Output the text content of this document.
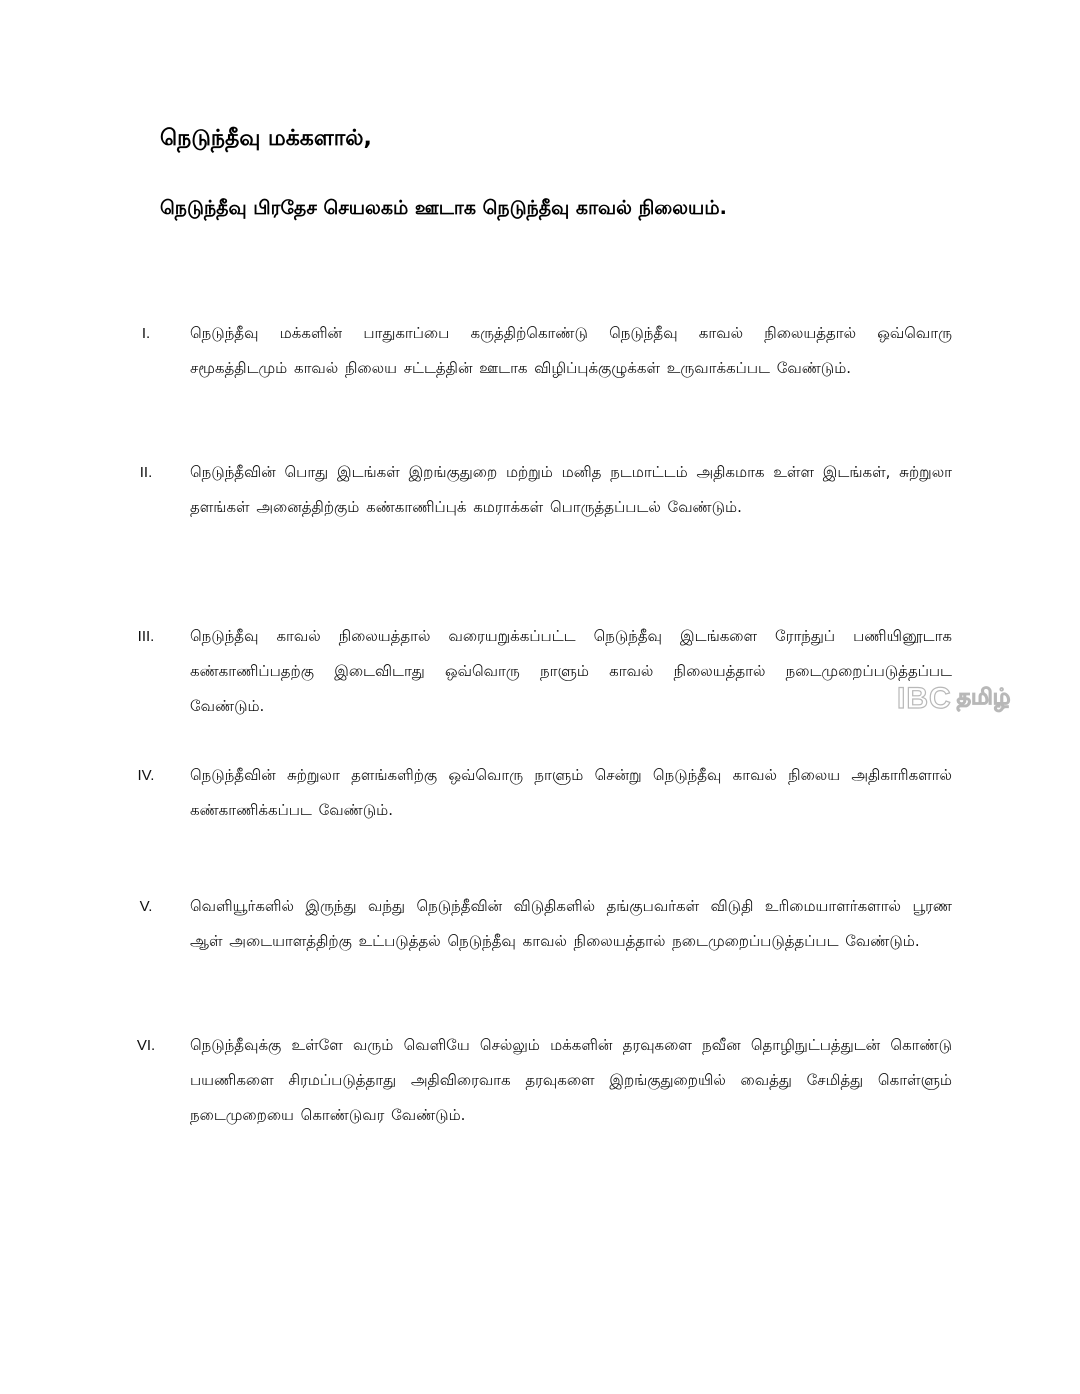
நெடுந்தீவு மக்களால்,
நெடுந்தீவு பிரதேச செயலகம் ஊடாக நெடுந்தீவு காவல் நிலையம்.
I.	நெடுந்தீவு மக்களின் பாதுகாப்பை கருத்திற்கொண்டு நெடுந்தீவு காவல் நிலையத்தால் ஒவ்வொரு சமூகத்திடமும் காவல் நிலைய சட்டத்தின் ஊடாக விழிப்புக்குழுக்கள் உருவாக்கப்பட வேண்டும்.
II.	நெடுந்தீவின் பொது இடங்கள் இறங்குதுறை மற்றும் மனித நடமாட்டம் அதிகமாக உள்ள இடங்கள், சுற்றுலா தளங்கள் அனைத்திற்கும் கண்காணிப்புக் கமராக்கள் பொருத்தப்படல் வேண்டும்.
III.	நெடுந்தீவு காவல் நிலையத்தால் வரையறுக்கப்பட்ட நெடுந்தீவு இடங்களை ரோந்துப் பணியினூடாக கண்காணிப்பதற்கு இடைவிடாது ஒவ்வொரு நாளும் காவல் நிலையத்தால் நடைமுறைப்படுத்தப்பட வேண்டும்.
IV.	நெடுந்தீவின் சுற்றுலா தளங்களிற்கு ஒவ்வொரு நாளும் சென்று நெடுந்தீவு காவல் நிலைய அதிகாரிகளால் கண்காணிக்கப்பட வேண்டும்.
V.	வெளியூர்களில் இருந்து வந்து நெடுந்தீவின் விடுதிகளில் தங்குபவர்கள் விடுதி உரிமையாளர்களால் பூரண ஆள் அடையாளத்திற்கு உட்படுத்தல் நெடுந்தீவு காவல் நிலையத்தால் நடைமுறைப்படுத்தப்பட வேண்டும்.
VI.	நெடுந்தீவுக்கு உள்ளே வரும் வெளியே செல்லும் மக்களின் தரவுகளை நவீன தொழிநுட்பத்துடன் கொண்டு பயணிகளை சிரமப்படுத்தாது அதிவிரைவாக தரவுகளை இறங்குதுறையில் வைத்து சேமித்து கொள்ளும் நடைமுறையை கொண்டுவர வேண்டும்.
IBC தமிழ்
